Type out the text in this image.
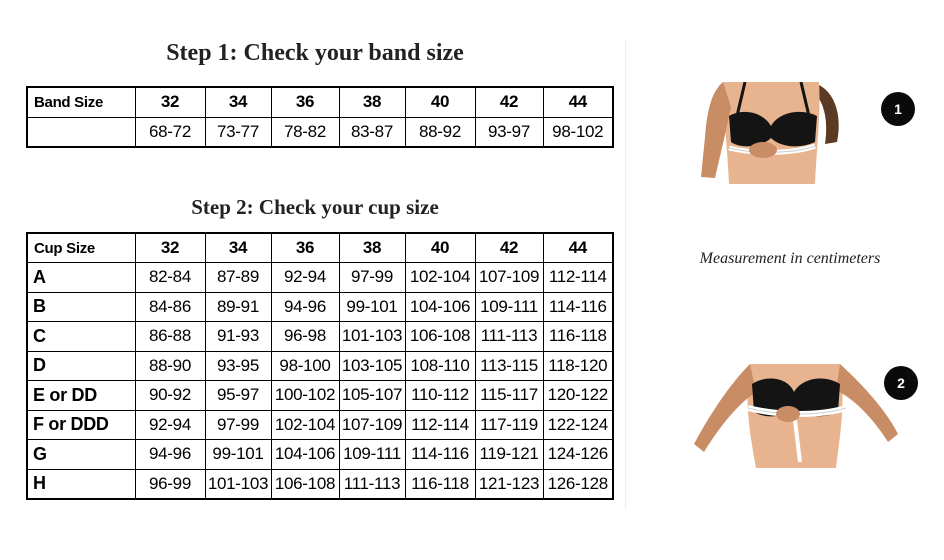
Step 1: Check your band size
Band Size	32	34	36	38	40	42	44
	68-72	73-77	78-82	83-87	88-92	93-97	98-102
Step 2: Check your cup size
Cup Size	32	34	36	38	40	42	44
A	82-84	87-89	92-94	97-99	102-104	107-109	112-114
B	84-86	89-91	94-96	99-101	104-106	109-111	114-116
C	86-88	91-93	96-98	101-103	106-108	111-113	116-118
D	88-90	93-95	98-100	103-105	108-110	113-115	118-120
E or DD	90-92	95-97	100-102	105-107	110-112	115-117	120-122
F or DDD	92-94	97-99	102-104	107-109	112-114	117-119	122-124
G	94-96	99-101	104-106	109-111	114-116	119-121	124-126
H	96-99	101-103	106-108	111-113	116-118	121-123	126-128
1

Measurement in centimeters

2
